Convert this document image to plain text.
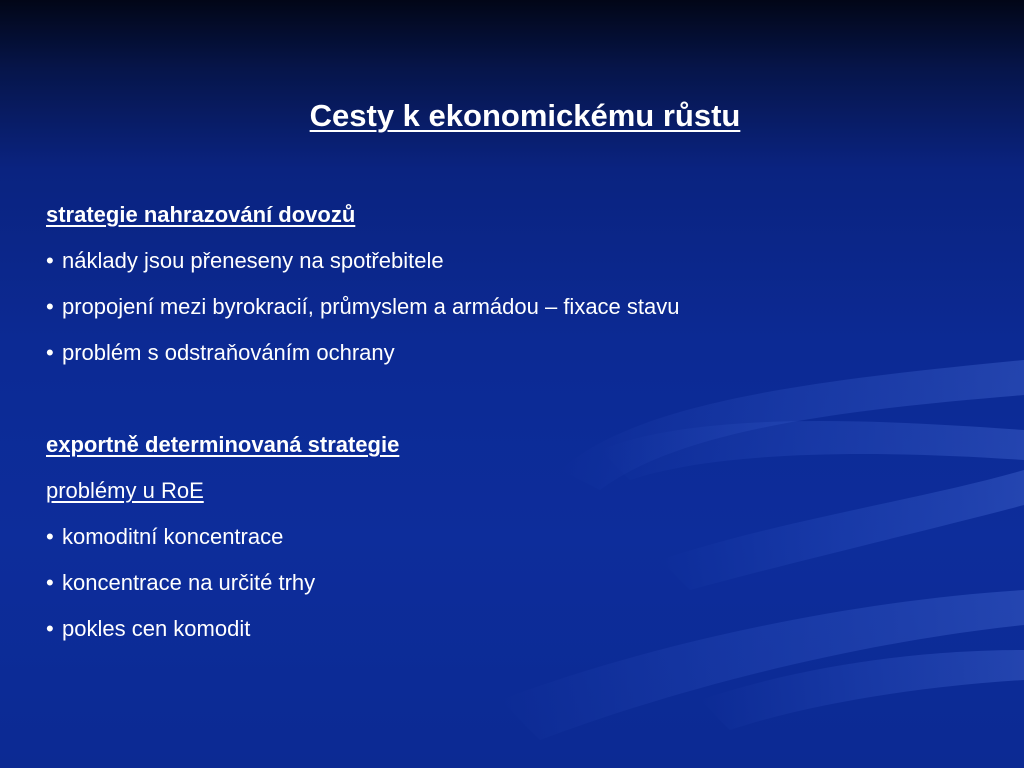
Cesty k ekonomickému růstu
strategie nahrazování dovozů
• náklady jsou přeneseny na spotřebitele
• propojení mezi byrokracií, průmyslem a armádou – fixace stavu
• problém s odstraňováním ochrany
exportně determinovaná strategie
problémy u RoE
• komoditní koncentrace
• koncentrace na určité trhy
• pokles cen komodit
